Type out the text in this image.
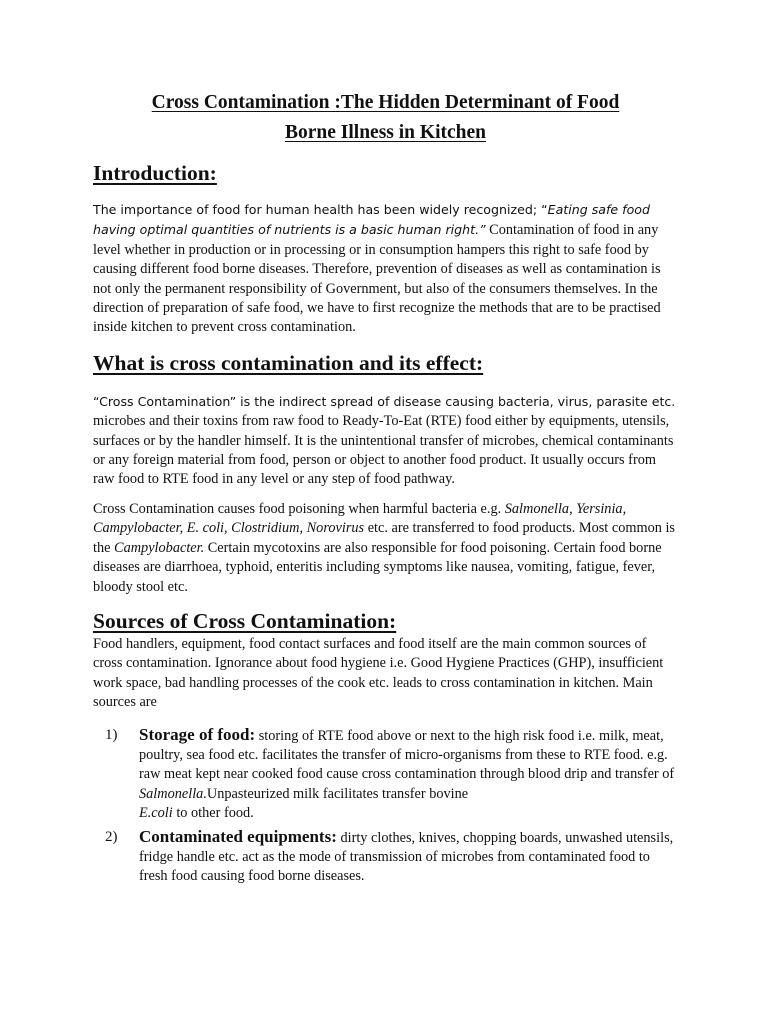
Cross Contamination :The Hidden Determinant of Food
Borne Illness in Kitchen
Introduction:

The importance of food for human health has been widely recognized; “Eating safe food having optimal quantities of nutrients is a basic human right.” Contamination of food in any level whether in production or in processing or in consumption hampers this right to safe food by causing different food borne diseases. Therefore, prevention of diseases as well as contamination is not only the permanent responsibility of Government, but also of the consumers themselves. In the direction of preparation of safe food, we have to first recognize the methods that are to be practised inside kitchen to prevent cross contamination.

What is cross contamination and its effect:

“Cross Contamination” is the indirect spread of disease causing bacteria, virus, parasite etc. microbes and their toxins from raw food to Ready-To-Eat (RTE) food either by equipments, utensils, surfaces or by the handler himself. It is the unintentional transfer of microbes, chemical contaminants or any foreign material from food, person or object to another food product. It usually occurs from raw food to RTE food in any level or any step of food pathway.

Cross Contamination causes food poisoning when harmful bacteria e.g. Salmonella, Yersinia, Campylobacter, E. coli, Clostridium, Norovirus etc. are transferred to food products. Most common is the Campylobacter. Certain mycotoxins are also responsible for food poisoning. Certain food borne diseases are diarrhoea, typhoid, enteritis including symptoms like nausea, vomiting, fatigue, fever, bloody stool etc.

Sources of Cross Contamination:

Food handlers, equipment, food contact surfaces and food itself are the main common sources of cross contamination. Ignorance about food hygiene i.e. Good Hygiene Practices (GHP), insufficient work space, bad handling processes of the cook etc. leads to cross contamination in kitchen. Main sources are

1) Storage of food: storing of RTE food above or next to the high risk food i.e. milk, meat, poultry, sea food etc. facilitates the transfer of micro-organisms from these to RTE food. e.g. raw meat kept near cooked food cause cross contamination through blood drip and transfer of Salmonella.Unpasteurized milk facilitates transfer bovine
E.coli to other food.
2) Contaminated equipments: dirty clothes, knives, chopping boards, unwashed utensils, fridge handle etc. act as the mode of transmission of microbes from contaminated food to fresh food causing food borne diseases.
